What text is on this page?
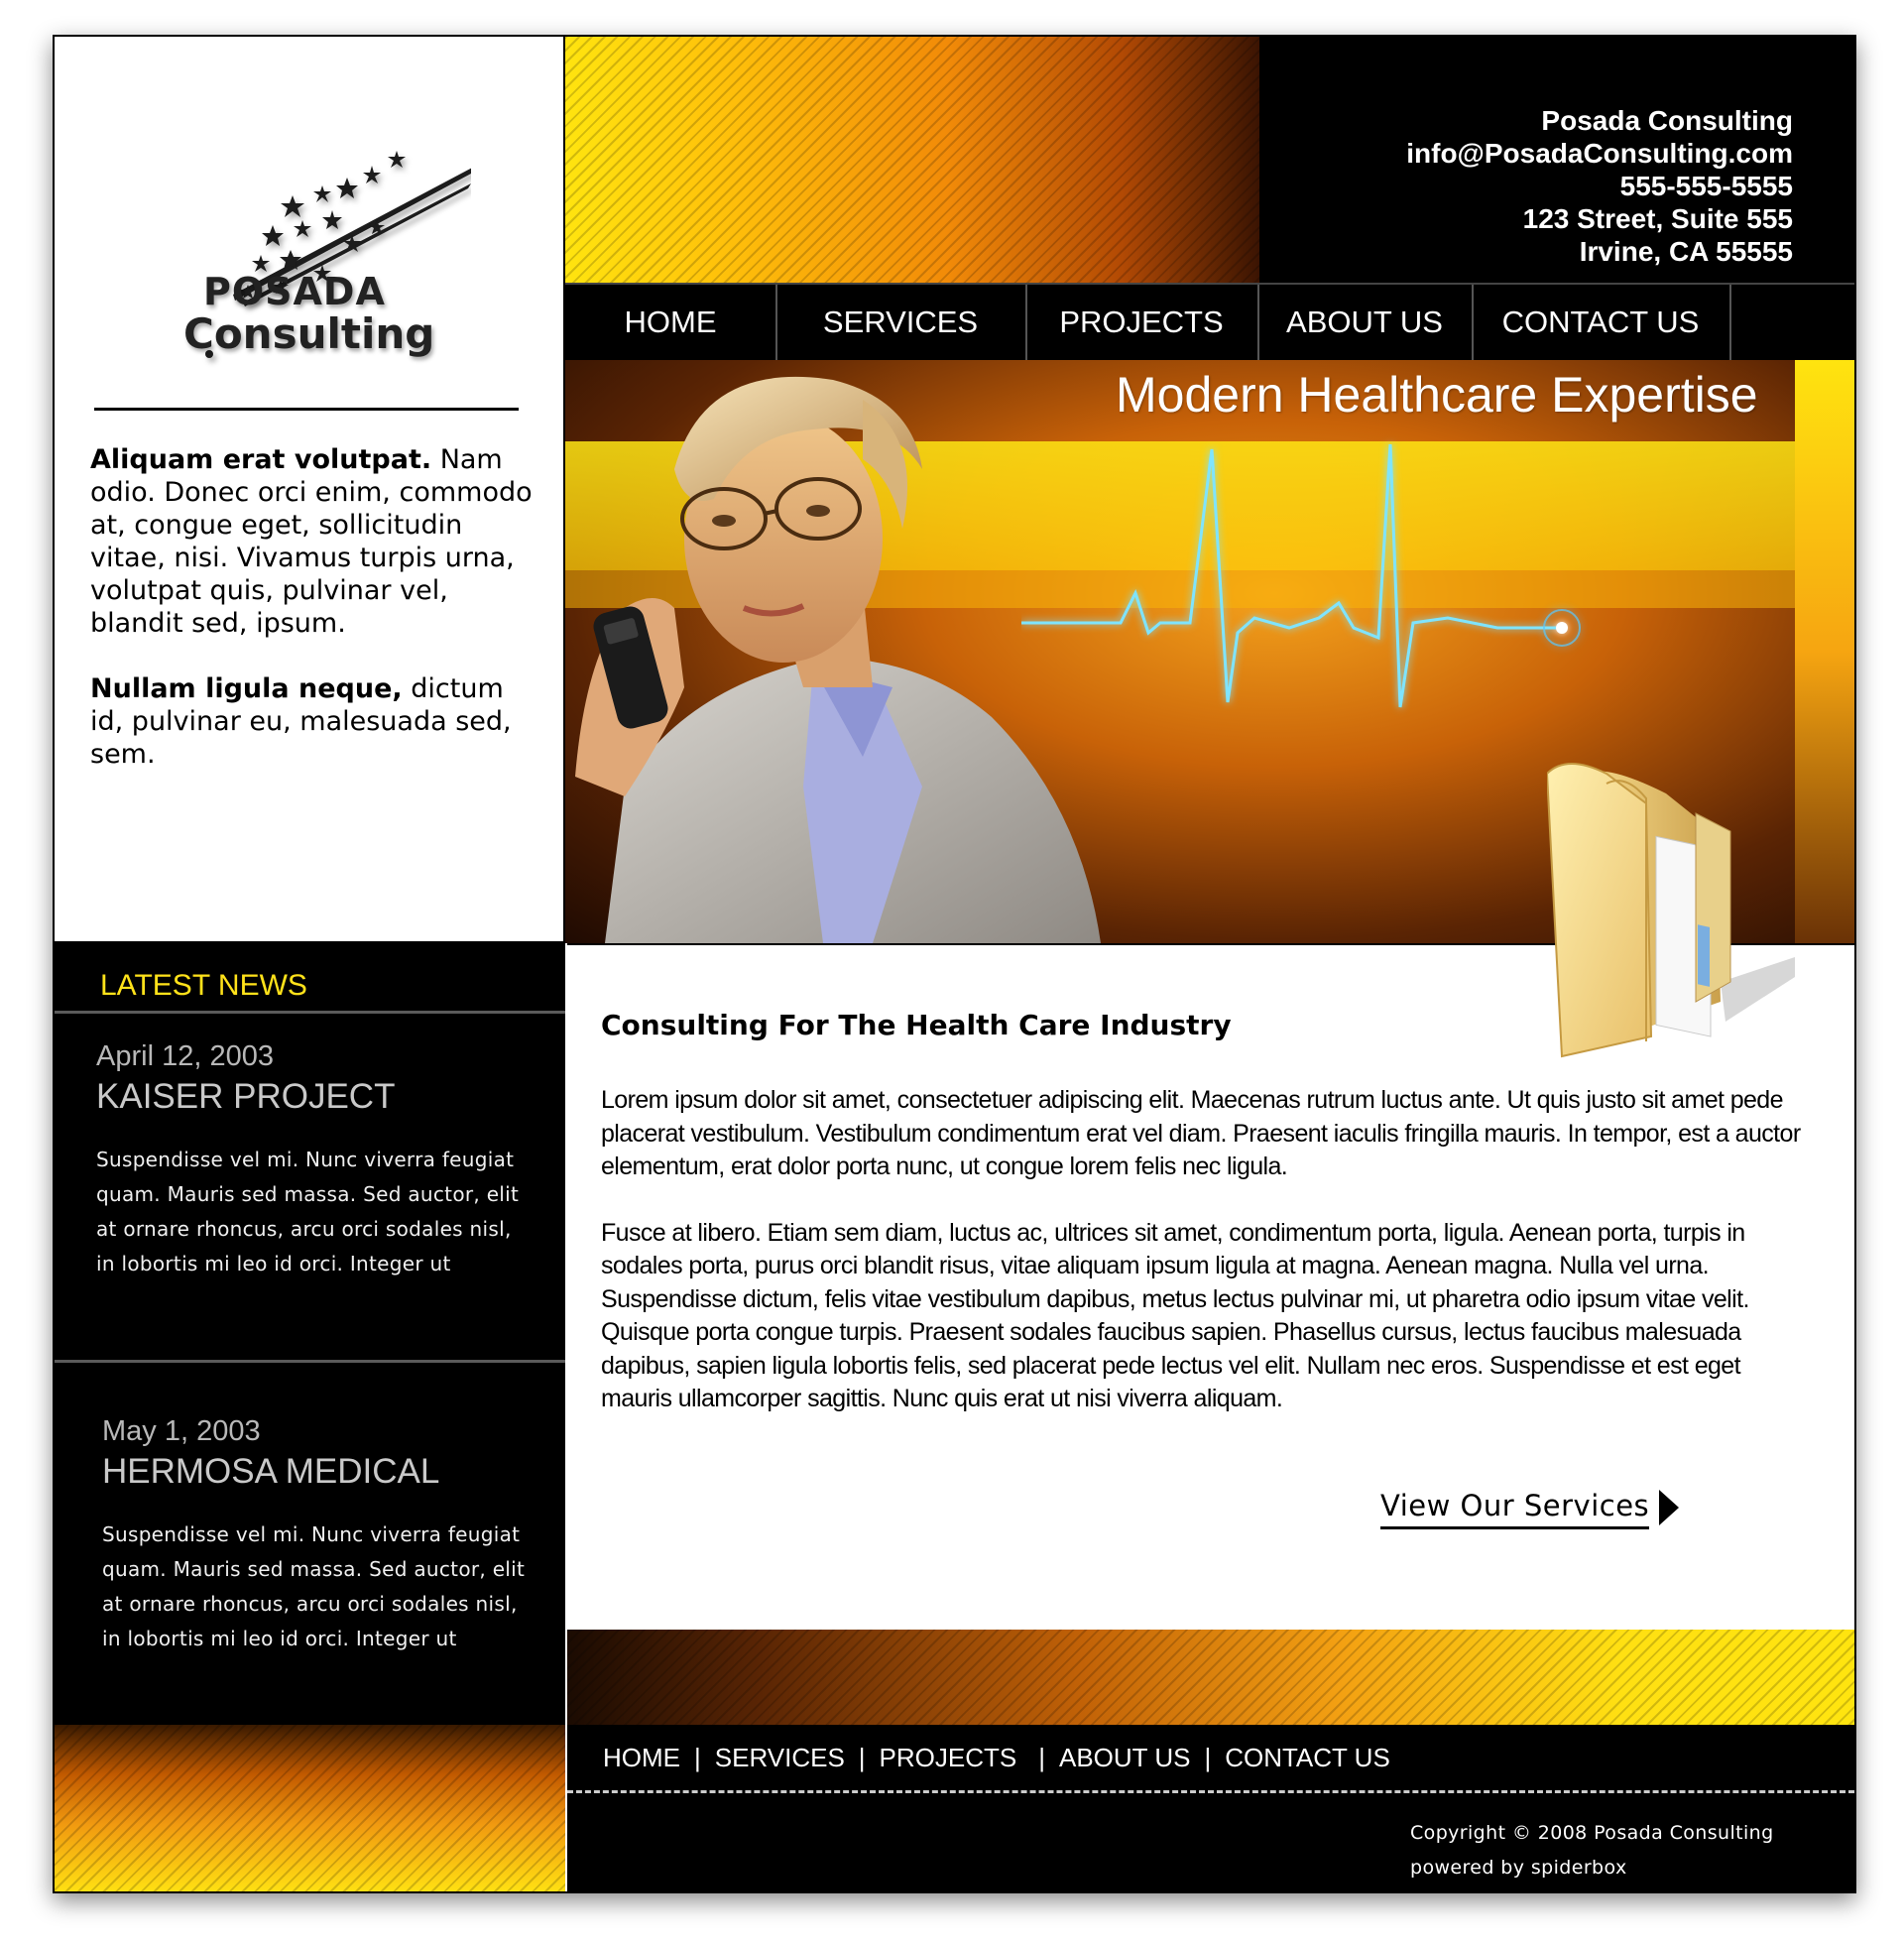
POSADA
Consulting

Aliquam erat volutpat. Nam odio. Donec orci enim, commodo at, congue eget, sollicitudin vitae, nisi. Vivamus turpis urna, volutpat quis, pulvinar vel, blandit sed, ipsum.

Nullam ligula neque, dictum id, pulvinar eu, malesuada sed, sem.

LATEST NEWS

April 12, 2003

KAISER PROJECT

Suspendisse vel mi. Nunc viverra feugiat quam. Mauris sed massa. Sed auctor, elit at ornare rhoncus, arcu orci sodales nisl, in lobortis mi leo id orci. Integer ut

May 1, 2003

HERMOSA MEDICAL

Suspendisse vel mi. Nunc viverra feugiat quam. Mauris sed massa. Sed auctor, elit at ornare rhoncus, arcu orci sodales nisl, in lobortis mi leo id orci. Integer ut

Posada Consulting
info@PosadaConsulting.com
555-555-5555
123 Street, Suite 555
Irvine, CA 55555
HOME	SERVICES	PROJECTS	ABOUT US	CONTACT US
Modern Healthcare Expertise
Consulting For The Health Care Industry

Lorem ipsum dolor sit amet, consectetuer adipiscing elit. Maecenas rutrum luctus ante. Ut quis justo sit amet pede placerat vestibulum. Vestibulum condimentum erat vel diam. Praesent iaculis fringilla mauris. In tempor, est a auctor elementum, erat dolor porta nunc, ut congue lorem felis nec ligula.

Fusce at libero. Etiam sem diam, luctus ac, ultrices sit amet, condimentum porta, ligula. Aenean porta, turpis in sodales porta, purus orci blandit risus, vitae aliquam ipsum ligula at magna. Aenean magna. Nulla vel urna. Suspendisse dictum, felis vitae vestibulum dapibus, metus lectus pulvinar mi, ut pharetra odio ipsum vitae velit. Quisque porta congue turpis. Praesent sodales faucibus sapien. Phasellus cursus, lectus faucibus malesuada dapibus, sapien ligula lobortis felis, sed placerat pede lectus vel elit. Nullam nec eros. Suspendisse et est eget mauris ullamcorper sagittis. Nunc quis erat ut nisi viverra aliquam.

View Our Services
HOME | SERVICES | PROJECTS | ABOUT US | CONTACT US
Copyright © 2008 Posada Consulting
powered by spiderbox
